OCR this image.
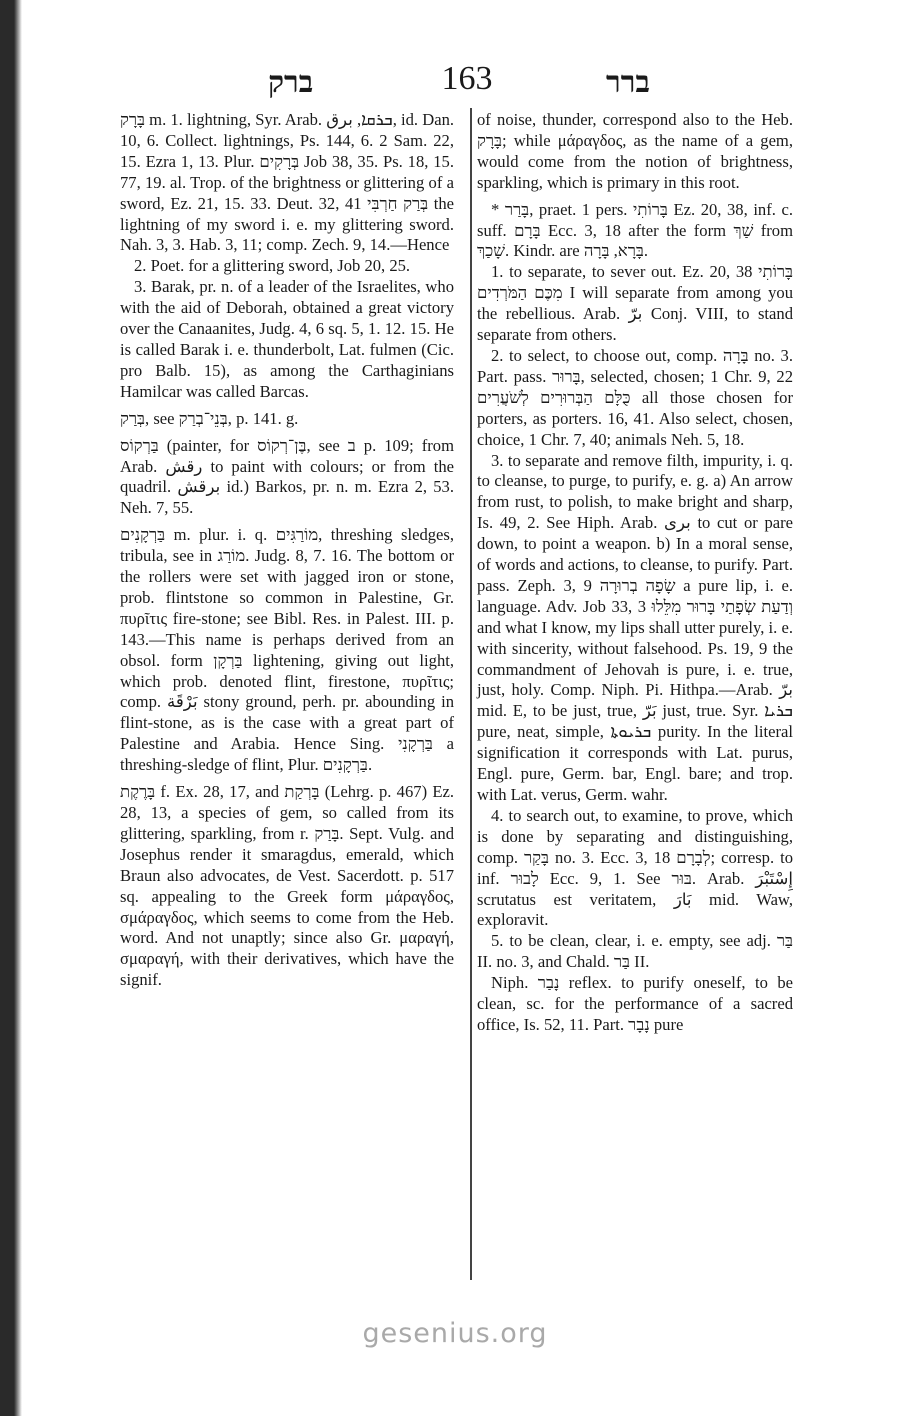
ברק	163	ברר

בָּרָק m. 1. lightning, Syr. Arab. ܒܪܩܐ, برق, id. Dan. 10, 6. Collect. lightnings, Ps. 144, 6. 2 Sam. 22, 15. Ezra 1, 13. Plur. בְּרָקִים Job 38, 35. Ps. 18, 15. 77, 19. al. Trop. of the brightness or glittering of a sword, Ez. 21, 15. 33. Deut. 32, 41 בְּרַק חַרְבִּי the lightning of my sword i. e. my glittering sword. Nah. 3, 3. Hab. 3, 11; comp. Zech. 9, 14.—Hence

2. Poet. for a glittering sword, Job 20, 25.

3. Barak, pr. n. of a leader of the Israelites, who with the aid of Deborah, obtained a great victory over the Canaanites, Judg. 4, 6 sq. 5, 1. 12. 15. He is called Barak i. e. thunderbolt, Lat. fulmen (Cic. pro Balb. 15), as among the Carthaginians Hamilcar was called Barcas.

בְּרַק, see בְּנֵי־בְרַק, p. 141. g.

בַּרְקוֹס (painter, for בֶּן־רְקוֹס, see ב p. 109; from Arab. رقش to paint with colours; or from the quadril. برقش id.) Barkos, pr. n. m. Ezra 2, 53. Neh. 7, 55.

בַּרְקָנִים m. plur. i. q. מוֹרַגִּים, threshing sledges, tribula, see in מוֹרַג. Judg. 8, 7. 16. The bottom or the rollers were set with jagged iron or stone, prob. flintstone so common in Palestine, Gr. πυρῖτις fire-stone; see Bibl. Res. in Palest. III. p. 143.—This name is perhaps derived from an obsol. form בַּרְקָן lightening, giving out light, which prob. denoted flint, firestone, πυρῖτις; comp. بَرْقَة stony ground, perh. pr. abounding in flint-stone, as is the case with a great part of Palestine and Arabia. Hence Sing. בַּרְקָנִי a threshing-sledge of flint, Plur. בַּרְקָנִים.

בָּרֶקֶת f. Ex. 28, 17, and בָּרְקַת (Lehrg. p. 467) Ez. 28, 13, a species of gem, so called from its glittering, sparkling, from r. בָּרַק. Sept. Vulg. and Josephus render it smaragdus, emerald, which Braun also advocates, de Vest. Sacerdott. p. 517 sq. appealing to the Greek form μάραγδος, σμάραγδος, which seems to come from the Heb. word. And not unaptly; since also Gr. μαραγή, σμαραγή, with their derivatives, which have the signif.

of noise, thunder, correspond also to the Heb. בָּרָק; while μάραγδος, as the name of a gem, would come from the notion of brightness, sparkling, which is primary in this root.

* בָּרַר, praet. 1 pers. בָּרוֹתִי Ez. 20, 38, inf. c. suff. בָּרָם Ecc. 3, 18 after the form שַׁךְ from שָׁכַךְ. Kindr. are בָּרָא, בָּרָה.

1. to separate, to sever out. Ez. 20, 38 בָּרוֹתִי מִכֶּם הַמֹּרְדִים I will separate from among you the rebellious. Arab. برّ Conj. VIII, to stand separate from others.

2. to select, to choose out, comp. בָּרָה no. 3. Part. pass. בָּרוּר, selected, chosen; 1 Chr. 9, 22 כֻּלָּם הַבְּרוּרִים לְשֹׁעֲרִים all those chosen for porters, as porters. 16, 41. Also select, chosen, choice, 1 Chr. 7, 40; animals Neh. 5, 18.

3. to separate and remove filth, impurity, i. q. to cleanse, to purge, to purify, e. g. a) An arrow from rust, to polish, to make bright and sharp, Is. 49, 2. See Hiph. Arab. برى to cut or pare down, to point a weapon. b) In a moral sense, of words and actions, to cleanse, to purify. Part. pass. Zeph. 3, 9 שָׂפָה בְרוּרָה a pure lip, i. e. language. Adv. Job 33, 3 וְדַעַת שְׂפָתַי בָּרוּר מִלֵּלוּ and what I know, my lips shall utter purely, i. e. with sincerity, without falsehood. Ps. 19, 9 the commandment of Jehovah is pure, i. e. true, just, holy. Comp. Niph. Pi. Hithpa.—Arab. برّ mid. E, to be just, true, بَرّ just, true. Syr. ܒܪܝܐ pure, neat, simple, ܒܪܝܘܬܐ purity. In the literal signification it corresponds with Lat. purus, Engl. pure, Germ. bar, Engl. bare; and trop. with Lat. verus, Germ. wahr.

4. to search out, to examine, to prove, which is done by separating and distinguishing, comp. בָּקַר no. 3. Ecc. 3, 18 לְבָרָם; corresp. to inf. לָבוּר Ecc. 9, 1. See בּוּר. Arab. إِسْتَبْرَ scrutatus est veritatem, بَارَ mid. Waw, exploravit.

5. to be clean, clear, i. e. empty, see adj. בַּר II. no. 3, and Chald. בַּר II.

Niph. נָבַר reflex. to purify oneself, to be clean, sc. for the performance of a sacred office, Is. 52, 11. Part. נָבָר pure

gesenius.org
